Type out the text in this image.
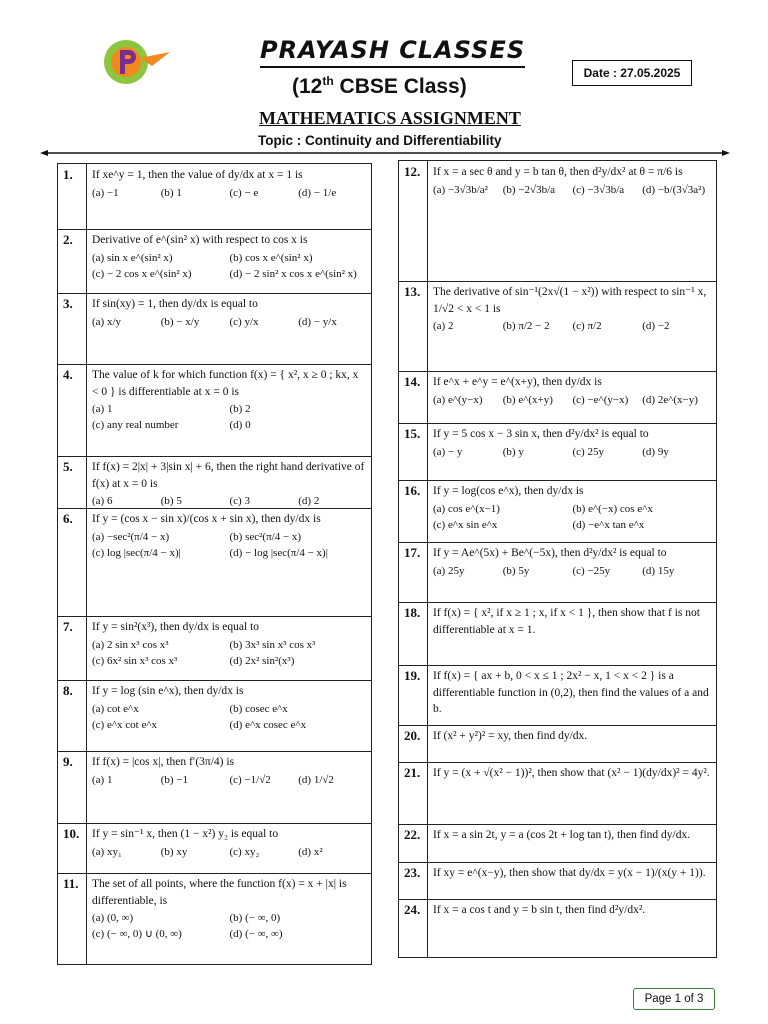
PRAYASH CLASSES
(12th CBSE Class)
MATHEMATICS ASSIGNMENT
Topic : Continuity and Differentiability
Date : 27.05.2025
1.	If xe^y = 1, then the value of dy/dx at x = 1 is
(a) −1	(b) 1	(c) − e	(d) − 1/e
2.	Derivative of e^(sin² x) with respect to cos x is
(a) sin x e^(sin² x)	(b) cos x e^(sin² x)
(c) − 2 cos x e^(sin² x)	(d) − 2 sin² x cos x e^(sin² x)
3.	If sin(xy) = 1, then dy/dx is equal to
(a) x/y	(b) − x/y	(c) y/x	(d) − y/x
4.	The value of k for which function f(x) = { x², x ≥ 0 ; kx, x < 0 } is differentiable at x = 0 is
(a) 1	(b) 2
(c) any real number	(d) 0
5.	If f(x) = 2|x| + 3|sin x| + 6, then the right hand derivative of f(x) at x = 0 is
(a) 6	(b) 5	(c) 3	(d) 2
6.	If y = (cos x − sin x)/(cos x + sin x), then dy/dx is
(a) −sec²(π/4 − x)	(b) sec²(π/4 − x)
(c) log |sec(π/4 − x)|	(d) − log |sec(π/4 − x)|
7.	If y = sin²(x³), then dy/dx is equal to
(a) 2 sin x³ cos x³	(b) 3x³ sin x³ cos x³
(c) 6x² sin x³ cos x³	(d) 2x² sin²(x³)
8.	If y = log (sin e^x), then dy/dx is
(a) cot e^x	(b) cosec e^x
(c) e^x cot e^x	(d) e^x cosec e^x
9.	If f(x) = |cos x|, then f′(3π/4) is
(a) 1	(b) −1	(c) −1/√2	(d) 1/√2
10.	If y = sin⁻¹ x, then (1 − x²) y₂ is equal to
(a) xy₁	(b) xy	(c) xy₂	(d) x²
11.	The set of all points, where the function f(x) = x + |x| is differentiable, is
(a) (0, ∞)	(b) (− ∞, 0)
(c) (− ∞, 0) ∪ (0, ∞)	(d) (− ∞, ∞)
12.	If x = a sec θ and y = b tan θ, then d²y/dx² at θ = π/6 is
(a) −3√3b/a²	(b) −2√3b/a	(c) −3√3b/a	(d) −b/(3√3a²)
13.	The derivative of sin⁻¹(2x√(1 − x²)) with respect to sin⁻¹ x, 1/√2 < x < 1 is
(a) 2	(b) π/2 − 2	(c) π/2	(d) −2
14.	If e^x + e^y = e^(x+y), then dy/dx is
(a) e^(y−x)	(b) e^(x+y)	(c) −e^(y−x)	(d) 2e^(x−y)
15.	If y = 5 cos x − 3 sin x, then d²y/dx² is equal to
(a) − y	(b) y	(c) 25y	(d) 9y
16.	If y = log(cos e^x), then dy/dx is
(a) cos e^(x−1)	(b) e^(−x) cos e^x
(c) e^x sin e^x	(d) −e^x tan e^x
17.	If y = Ae^(5x) + Be^(−5x), then d²y/dx² is equal to
(a) 25y	(b) 5y	(c) −25y	(d) 15y
18.	If f(x) = { x², if x ≥ 1 ; x, if x < 1 }, then show that f is not differentiable at x = 1.
19.	If f(x) = { ax + b, 0 < x ≤ 1 ; 2x² − x, 1 < x < 2 } is a differentiable function in (0,2), then find the values of a and b.
20.	If (x² + y²)² = xy, then find dy/dx.
21.	If y = (x + √(x² − 1))², then show that (x² − 1)(dy/dx)² = 4y².
22.	If x = a sin 2t, y = a (cos 2t + log tan t), then find dy/dx.
23.	If xy = e^(x−y), then show that dy/dx = y(x − 1)/(x(y + 1)).
24.	If x = a cos t and y = b sin t, then find d²y/dx².
Page 1 of 3
